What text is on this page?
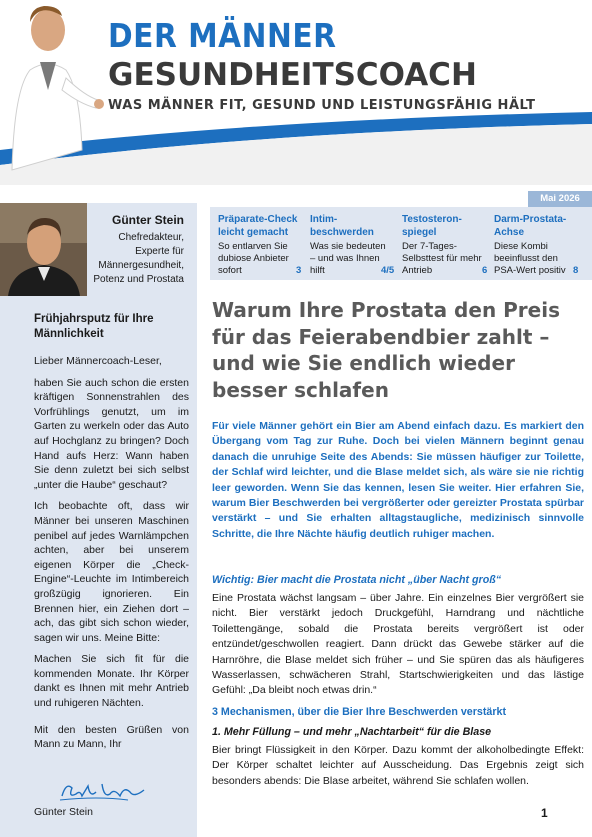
DER MÄNNER
GESUNDHEITSCOACH
WAS MÄNNER FIT, GESUND UND LEISTUNGSFÄHIG HÄLT
Günter Stein
Chefredakteur,
Experte für
Männergesundheit,
Potenz und Prostata
Frühjahrsputz für Ihre Männlichkeit

Lieber Männercoach-Leser,

haben Sie auch schon die ersten kräftigen Sonnenstrahlen des Vorfrühlings genutzt, um im Garten zu werkeln oder das Auto auf Hochglanz zu bringen? Doch Hand aufs Herz: Wann haben Sie denn zuletzt bei sich selbst „unter die Haube“ geschaut?

Ich beobachte oft, dass wir Männer bei unseren Maschinen penibel auf jedes Warnlämpchen achten, aber bei unserem eigenen Körper die „Check-Engine“-Leuchte im Intimbereich großzügig ignorieren. Ein Brennen hier, ein Ziehen dort – ach, das gibt sich schon wieder, sagen wir uns. Meine Bitte:

Machen Sie sich fit für die kommenden Monate. Ihr Körper dankt es Ihnen mit mehr Antrieb und ruhigeren Nächten.

Mit den besten Grüßen von Mann zu Mann, Ihr

Günter Stein
Mai 2026
Präparate-Check leicht gemacht
So entlarven Sie dubiose Anbieter sofort	3
Intim-beschwerden
Was sie bedeuten – und was Ihnen hilft	4/5
Testosteron-spiegel
Der 7-Tages-Selbsttest für mehr Antrieb	6
Darm-Prostata-Achse
Diese Kombi beeinflusst den PSA-Wert positiv 8
Warum Ihre Prostata den Preis für das Feierabendbier zahlt – und wie Sie endlich wieder besser schlafen

Für viele Männer gehört ein Bier am Abend einfach dazu. Es markiert den Übergang vom Tag zur Ruhe. Doch bei vielen Männern beginnt genau danach die unruhige Seite des Abends: Sie müssen häufiger zur Toilette, der Schlaf wird leichter, und die Blase meldet sich, als wäre sie nie richtig leer geworden. Wenn Sie das kennen, lesen Sie weiter. Hier erfahren Sie, warum Bier Beschwerden bei vergrößerter oder gereizter Prostata spürbar verstärkt – und Sie erhalten alltagstaugliche, medizinisch sinnvolle Schritte, die Ihre Nächte häufig deutlich ruhiger machen.

Wichtig: Bier macht die Prostata nicht „über Nacht groß“

Eine Prostata wächst langsam – über Jahre. Ein einzelnes Bier vergrößert sie nicht. Bier verstärkt jedoch Druckgefühl, Harndrang und nächtliche Toilettengänge, sobald die Prostata bereits vergrößert ist oder entzündet/geschwollen reagiert. Dann drückt das Gewebe stärker auf die Harnröhre, die Blase meldet sich früher – und Sie spüren das als häufigeres Wasserlassen, schwächeren Strahl, Startschwierigkeiten und das lästige Gefühl: „Da bleibt noch etwas drin.“

3 Mechanismen, über die Bier Ihre Beschwerden verstärkt
1. Mehr Füllung – und mehr „Nachtarbeit“ für die Blase

Bier bringt Flüssigkeit in den Körper. Dazu kommt der alkoholbedingte Effekt: Der Körper schaltet leichter auf Ausscheidung. Das Ergebnis zeigt sich besonders abends: Die Blase arbeitet, während Sie schlafen wollen.

1
